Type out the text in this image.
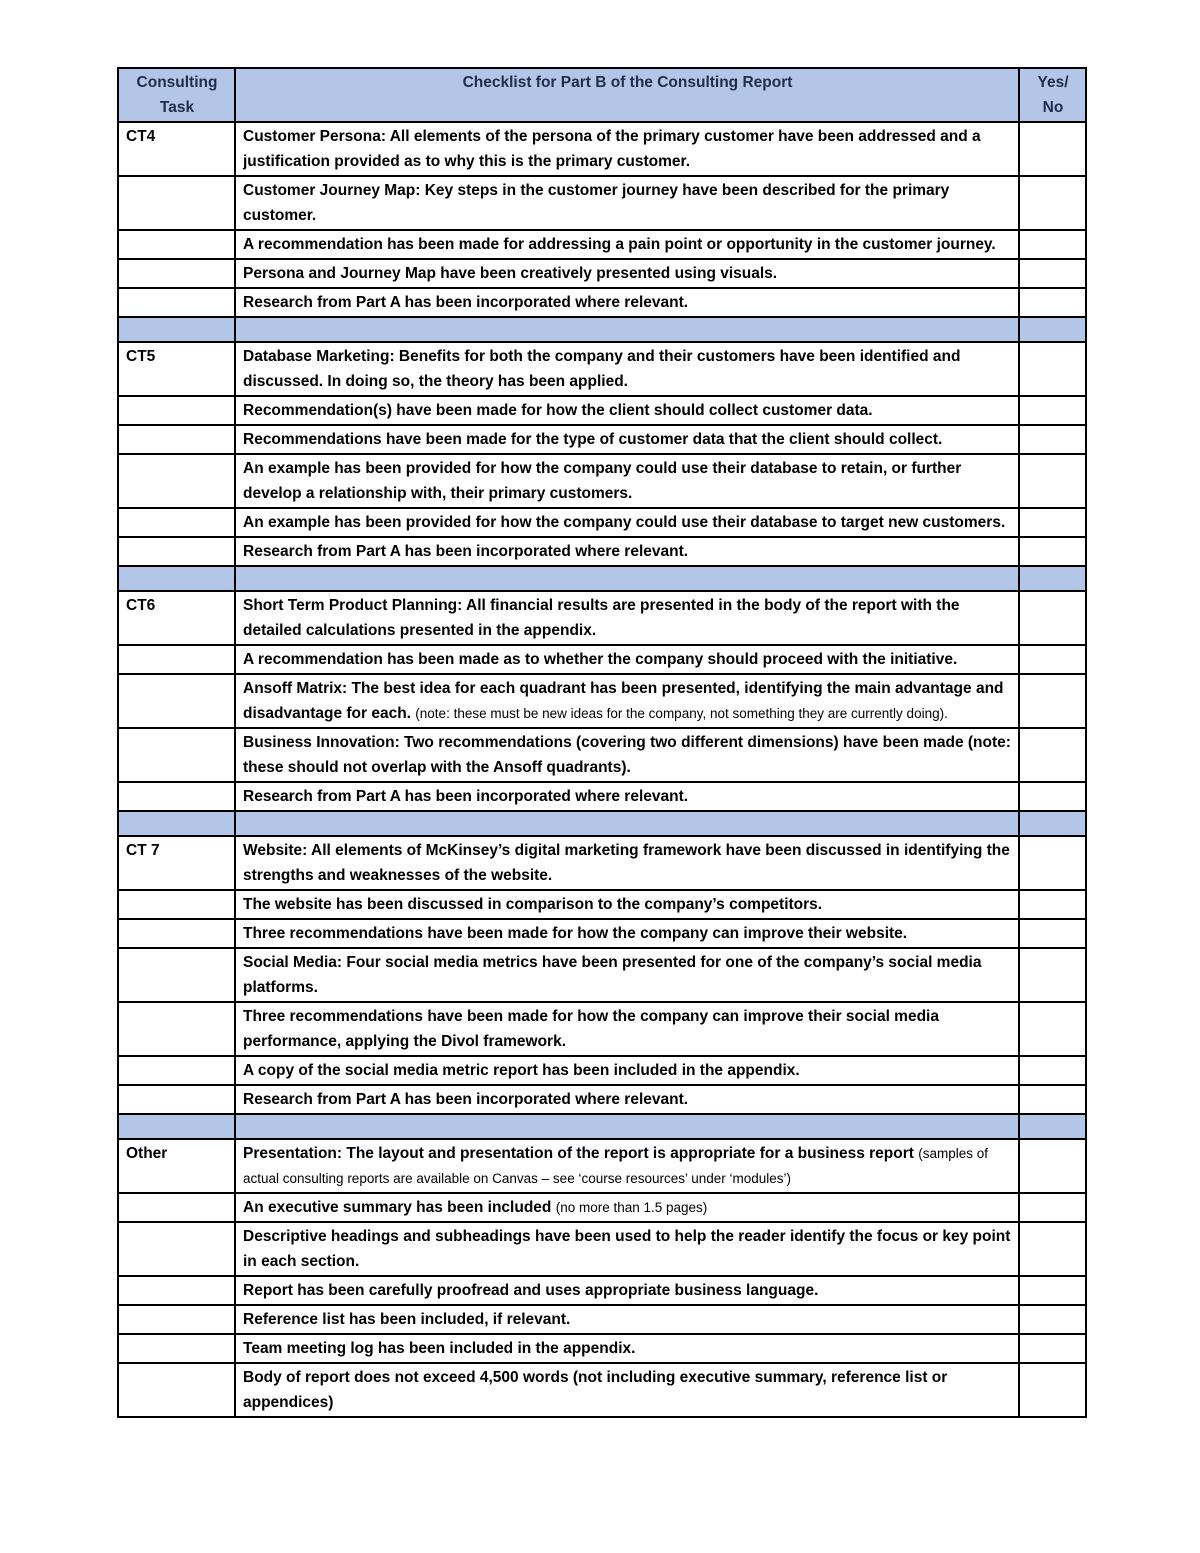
Consulting Task	Checklist for Part B of the Consulting Report	Yes/ No
CT4	Customer Persona: All elements of the persona of the primary customer have been addressed and a justification provided as to why this is the primary customer.	
	Customer Journey Map: Key steps in the customer journey have been described for the primary customer.	
	A recommendation has been made for addressing a pain point or opportunity in the customer journey.	
	Persona and Journey Map have been creatively presented using visuals.	
	Research from Part A has been incorporated where relevant.	

CT5	Database Marketing: Benefits for both the company and their customers have been identified and discussed. In doing so, the theory has been applied.	
	Recommendation(s) have been made for how the client should collect customer data.	
	Recommendations have been made for the type of customer data that the client should collect.	
	An example has been provided for how the company could use their database to retain, or further develop a relationship with, their primary customers.	
	An example has been provided for how the company could use their database to target new customers.	
	Research from Part A has been incorporated where relevant.	

CT6	Short Term Product Planning: All financial results are presented in the body of the report with the detailed calculations presented in the appendix.	
	A recommendation has been made as to whether the company should proceed with the initiative.	
	Ansoff Matrix: The best idea for each quadrant has been presented, identifying the main advantage and disadvantage for each. (note: these must be new ideas for the company, not something they are currently doing).	
	Business Innovation: Two recommendations (covering two different dimensions) have been made (note: these should not overlap with the Ansoff quadrants).	
	Research from Part A has been incorporated where relevant.	

CT 7	Website: All elements of McKinsey’s digital marketing framework have been discussed in identifying the strengths and weaknesses of the website.	
	The website has been discussed in comparison to the company’s competitors.	
	Three recommendations have been made for how the company can improve their website.	
	Social Media: Four social media metrics have been presented for one of the company’s social media platforms.	
	Three recommendations have been made for how the company can improve their social media performance, applying the Divol framework.	
	A copy of the social media metric report has been included in the appendix.	
	Research from Part A has been incorporated where relevant.	

Other	Presentation: The layout and presentation of the report is appropriate for a business report (samples of actual consulting reports are available on Canvas – see ‘course resources’ under ‘modules’)	
	An executive summary has been included (no more than 1.5 pages)	
	Descriptive headings and subheadings have been used to help the reader identify the focus or key point in each section.	
	Report has been carefully proofread and uses appropriate business language.	
	Reference list has been included, if relevant.	
	Team meeting log has been included in the appendix.	
	Body of report does not exceed 4,500 words (not including executive summary, reference list or appendices)	
